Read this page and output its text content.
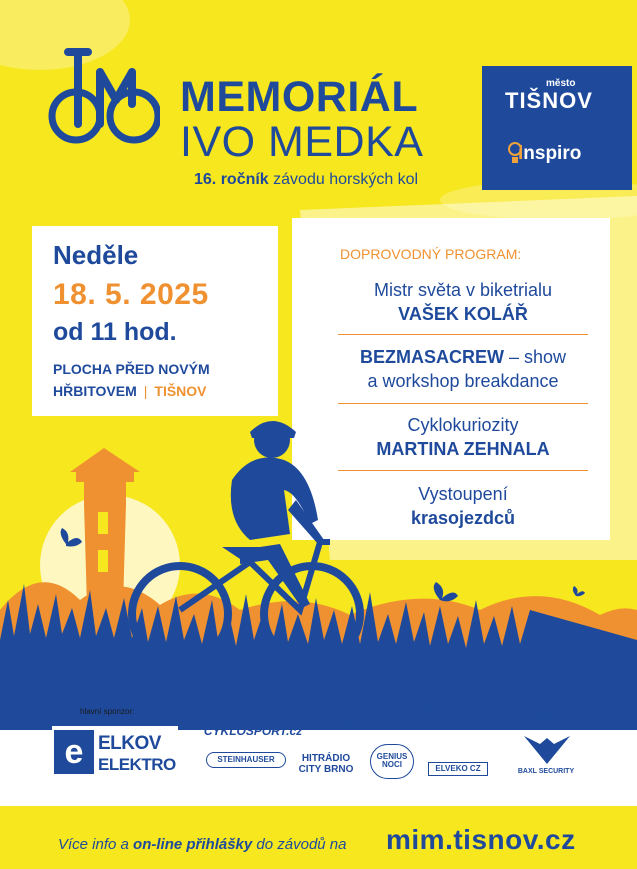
MEMORIÁL
IVO MEDKA
16. ročník závodu horských kol
město
TIŠNOV
inspiro
Neděle
18. 5. 2025
od 11 hod.
PLOCHA PŘED NOVÝM
HŘBITOVEM | TIŠNOV
DOPROVODNÝ PROGRAM:
Mistr světa v biketrialu
VAŠEK KOLÁŘ
BEZMASACREW – show
a workshop breakdance
Cyklokuriozity
MARTINA ZEHNALA
Vystoupení
krasojezdců
hlavní sponzor:
e ELKOV
ELEKTRO
BB CYKLOSPORT.cz
SUPERIOR	CASTELLI
TOMÁŠ PLAVEC
CHYTŘE
ENERVIT	TEPOS-HJ
STEINHAUSER	HITRÁDIO CITY BRNO
GENIUS NOCI	ELVEKO CZ	BAXL SECURITY
Více info a on-line přihlášky do závodů na mim.tisnov.cz
